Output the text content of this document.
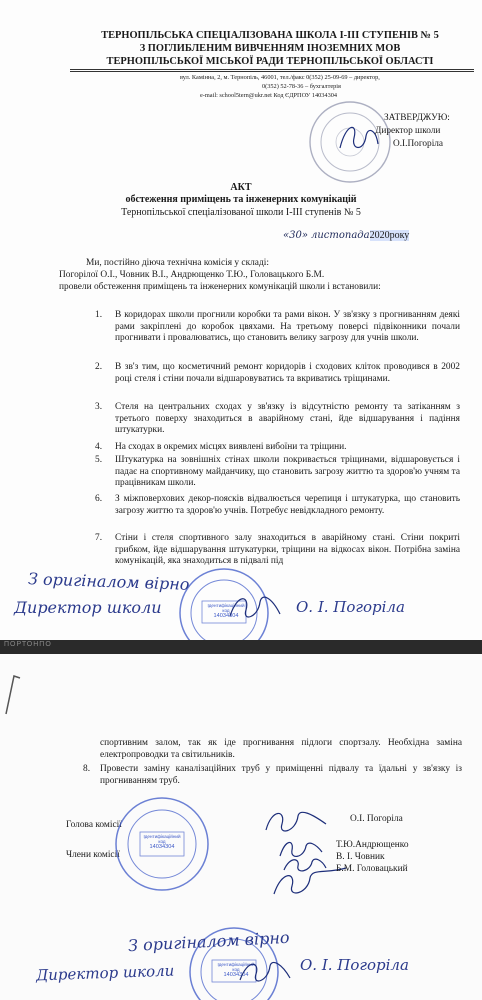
ТЕРНОПІЛЬСЬКА СПЕЦІАЛІЗОВАНА ШКОЛА І-ІІІ СТУПЕНІВ № 5
З ПОГЛИБЛЕНИМ ВИВЧЕННЯМ ІНОЗЕМНИХ МОВ
ТЕРНОПІЛЬСЬКОЇ МІСЬКОЇ РАДИ ТЕРНОПІЛЬСЬКОЇ ОБЛАСТІ
вул. Камінна, 2, м. Тернопіль, 46001, тел./факс 0(352) 25-09-69 – директор,
0(352) 52-78-36 – бухгалтерія
e-mail: school5tern@ukr.net Код ЄДРПОУ 14034304
ЗАТВЕРДЖУЮ:
Директор школи
О.І.Погоріла
АКТ
обстеження приміщень та інженерних комунікацій
Тернопільської спеціалізованої школи І-ІІІ ступенів № 5
«30» листопада2020року
Ми, постійно діюча технічна комісія у складі:
Погорілої О.І., Човник В.І., Андрющенко Т.Ю., Головацького Б.М.
провели обстеження приміщень та інженерних комунікацій школи і встановили:
1. В коридорах школи прогнили коробки та рами вікон. У зв'язку з прогниванням деякі рами закріплені до коробок цвяхами. На третьому поверсі підвіконники почали прогнивати і провалюватись, що становить велику загрозу для учнів школи.
2. В зв'з тим, що косметичний ремонт коридорів і сходових кліток проводився в 2002 році стеля і стіни почали відшаровуватись та вкриватись тріщинами.
3. Стеля на центральних сходах у зв'язку із відсутністю ремонту та затіканням з третього поверху знаходиться в аварійному стані, йде відшарування і падіння штукатурки.
4. На сходах в окремих місцях виявлені вибоїни та тріщини.
5. Штукатурка на зовнішніх стінах школи покривається тріщинами, відшаровується і падає на спортивному майданчику, що становить загрозу життю та здоров'ю учням та працівникам школи.
6. З міжповерхових декор-поясків відвалюється черепиця і штукатурка, що становить загрозу життю та здоров'ю учнів. Потребує невідкладного ремонту.
7. Стіни і стеля спортивного залу знаходиться в аварійному стані. Стіни покриті грибком, йде відшарування штукатурки, тріщини на відкосах вікон. Потрібна заміна комунікацій, яка знаходиться в підвалі під
Ідентифікаційний
код
14034304
З оригіналом вірно
Директор школи	О. І. Погоріла
ПОРТОНПО
спортивним залом, так як іде прогнивання підлоги спортзалу. Необхідна заміна електропроводки та світильників.
8. Провести заміну каналізаційних труб у приміщенні підвалу та їдальні у зв'язку із прогниванням труб.
Голова комісії
Члени комісії
Ідентифікаційний
код
14034304
О.І. Погоріла
Т.Ю.Андрющенко
В. І. Човник
Б.М. Головацький
Ідентифікаційний
код
14034304
З оригіналом вірно
Директор школи	О. І. Погоріла
